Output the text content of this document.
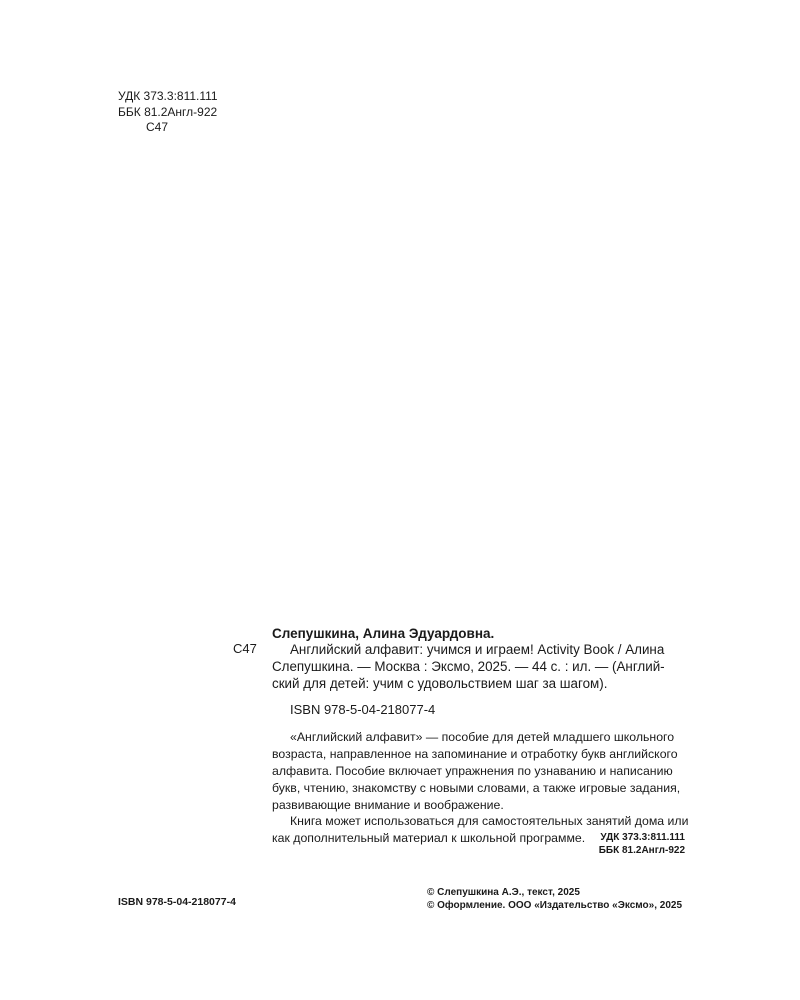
УДК 373.3:811.111
ББК 81.2Англ-922
С47
С47
Слепушкина, Алина Эдуардовна.
Английский алфавит: учимся и играем! Activity Book / Алина
Слепушкина. — Москва : Эксмо, 2025. — 44 с. : ил. — (Англий-
ский для детей: учим с удовольствием шаг за шагом).
ISBN 978-5-04-218077-4
«Английский алфавит» — пособие для детей младшего школьного
возраста, направленное на запоминание и отработку букв английского
алфавита. Пособие включает упражнения по узнаванию и написанию
букв, чтению, знакомству с новыми словами, а также игровые задания,
развивающие внимание и воображение.
Книга может использоваться для самостоятельных занятий дома или
как дополнительный материал к школьной программе.	УДК 373.3:811.111
ББК 81.2Англ-922
ISBN 978-5-04-218077-4
© Слепушкина А.Э., текст, 2025
© Оформление. ООО «Издательство «Эксмо», 2025
